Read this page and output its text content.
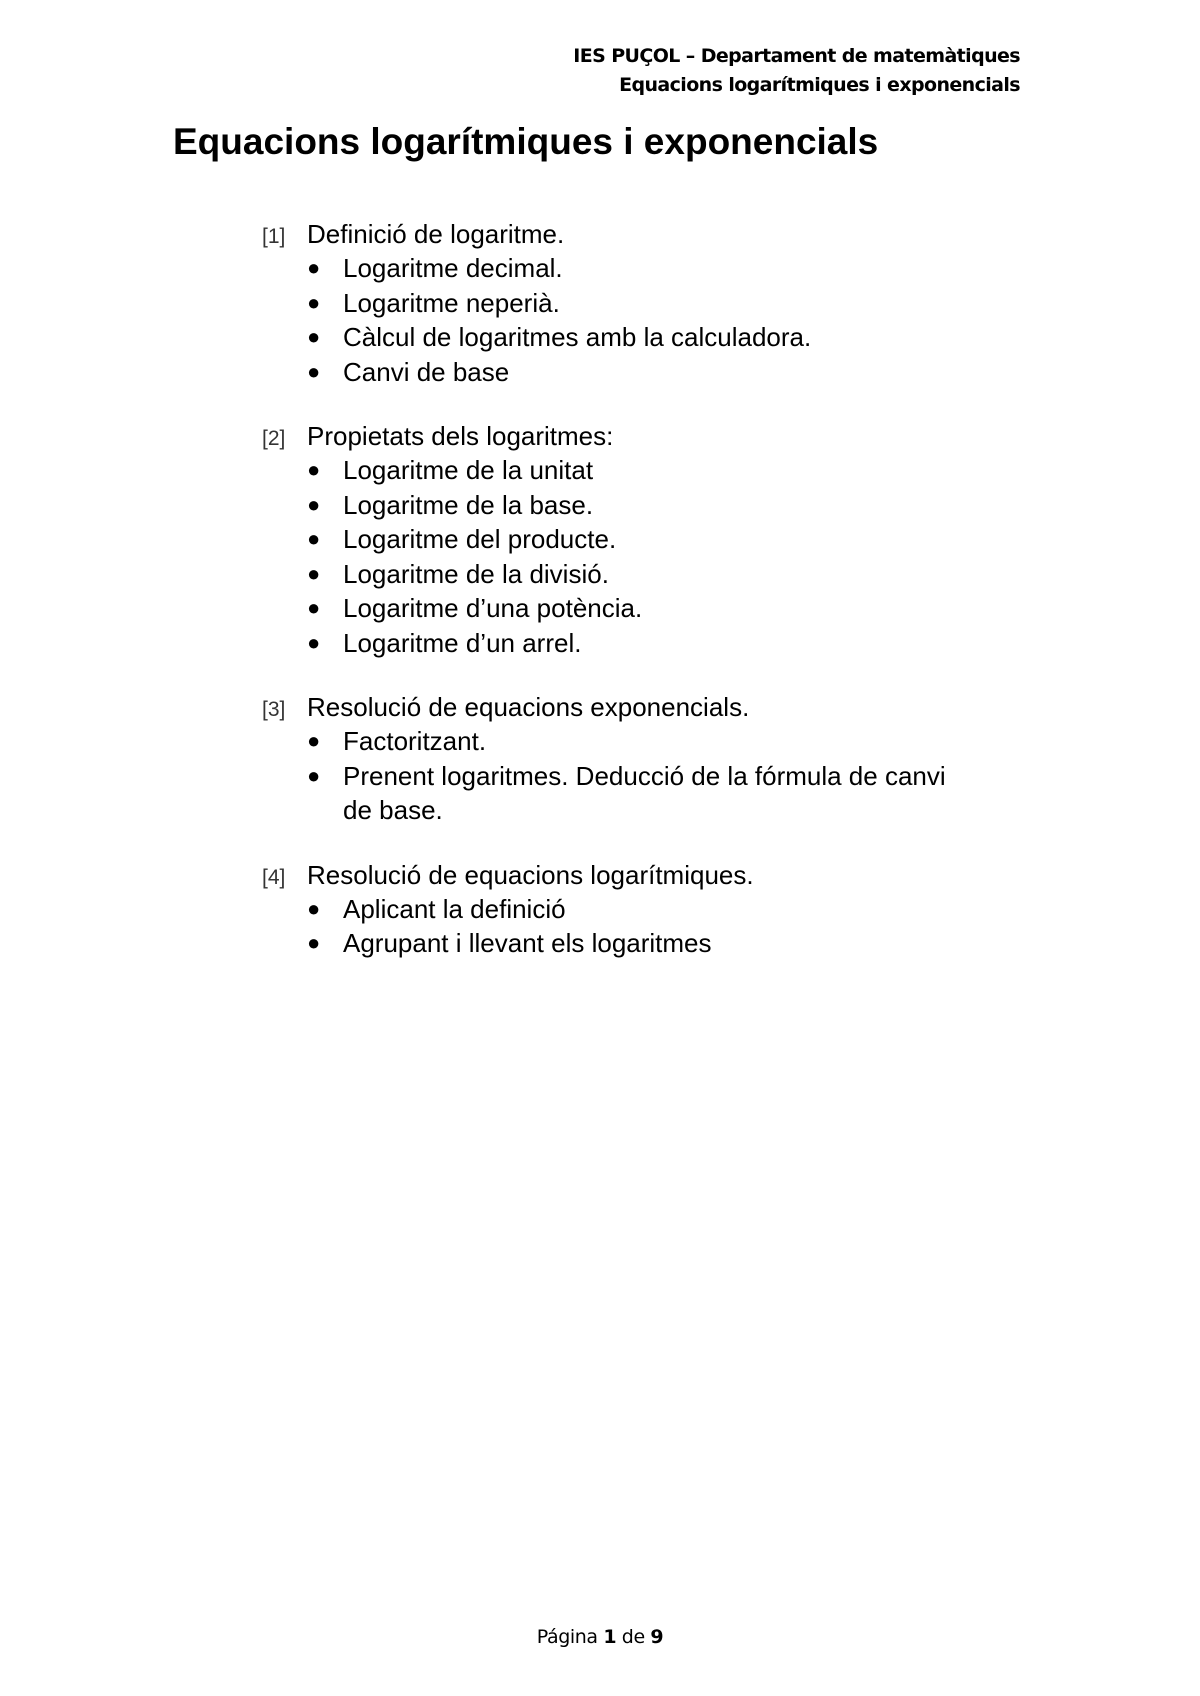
IES PUÇOL – Departament de matemàtiques
Equacions logarítmiques i exponencials
Equacions logarítmiques i exponencials
[1] Definició de logaritme.
● Logaritme decimal.
● Logaritme neperià.
● Càlcul de logaritmes amb la calculadora.
● Canvi de base
[2] Propietats dels logaritmes:
● Logaritme de la unitat
● Logaritme de la base.
● Logaritme del producte.
● Logaritme de la divisió.
● Logaritme d’una potència.
● Logaritme d’un arrel.
[3] Resolució de equacions exponencials.
● Factoritzant.
● Prenent logaritmes. Deducció de la fórmula de canvi de base.
[4] Resolució de equacions logarítmiques.
● Aplicant la definició
● Agrupant i llevant els logaritmes
Página 1 de 9
